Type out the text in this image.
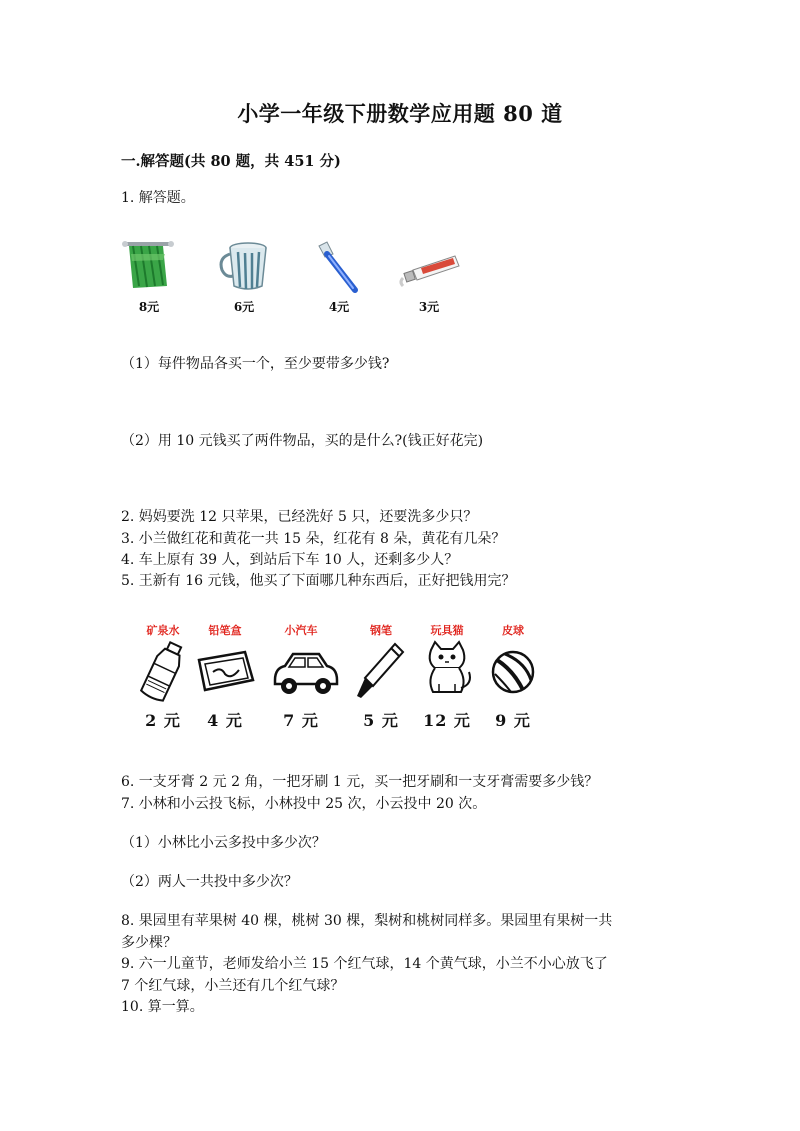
小学一年级下册数学应用题 80 道
一.解答题(共 80 题，共 451 分)
1. 解答题。
8元	6元	4元	3元
（1）每件物品各买一个，至少要带多少钱?
（2）用 10 元钱买了两件物品，买的是什么?(钱正好花完)
2. 妈妈要洗 12 只苹果，已经洗好 5 只，还要洗多少只？
3. 小兰做红花和黄花一共 15 朵，红花有 8 朵，黄花有几朵？
4. 车上原有 39 人，到站后下车 10 人，还剩多少人？
5. 王新有 16 元钱，他买了下面哪几种东西后，正好把钱用完？
矿泉水
2 元
铅笔盒
4 元
小汽车
7 元
钢笔
5 元
玩具猫
12 元
皮球
9 元
6. 一支牙膏 2 元 2 角，一把牙刷 1 元，买一把牙刷和一支牙膏需要多少钱？
7. 小林和小云投飞标，小林投中 25 次，小云投中 20 次。
（1）小林比小云多投中多少次？
（2）两人一共投中多少次？
8. 果园里有苹果树 40 棵，桃树 30 棵，梨树和桃树同样多。果园里有果树一共
多少棵？
9. 六一儿童节，老师发给小兰 15 个红气球，14 个黄气球，小兰不小心放飞了
7 个红气球，小兰还有几个红气球？
10. 算一算。
